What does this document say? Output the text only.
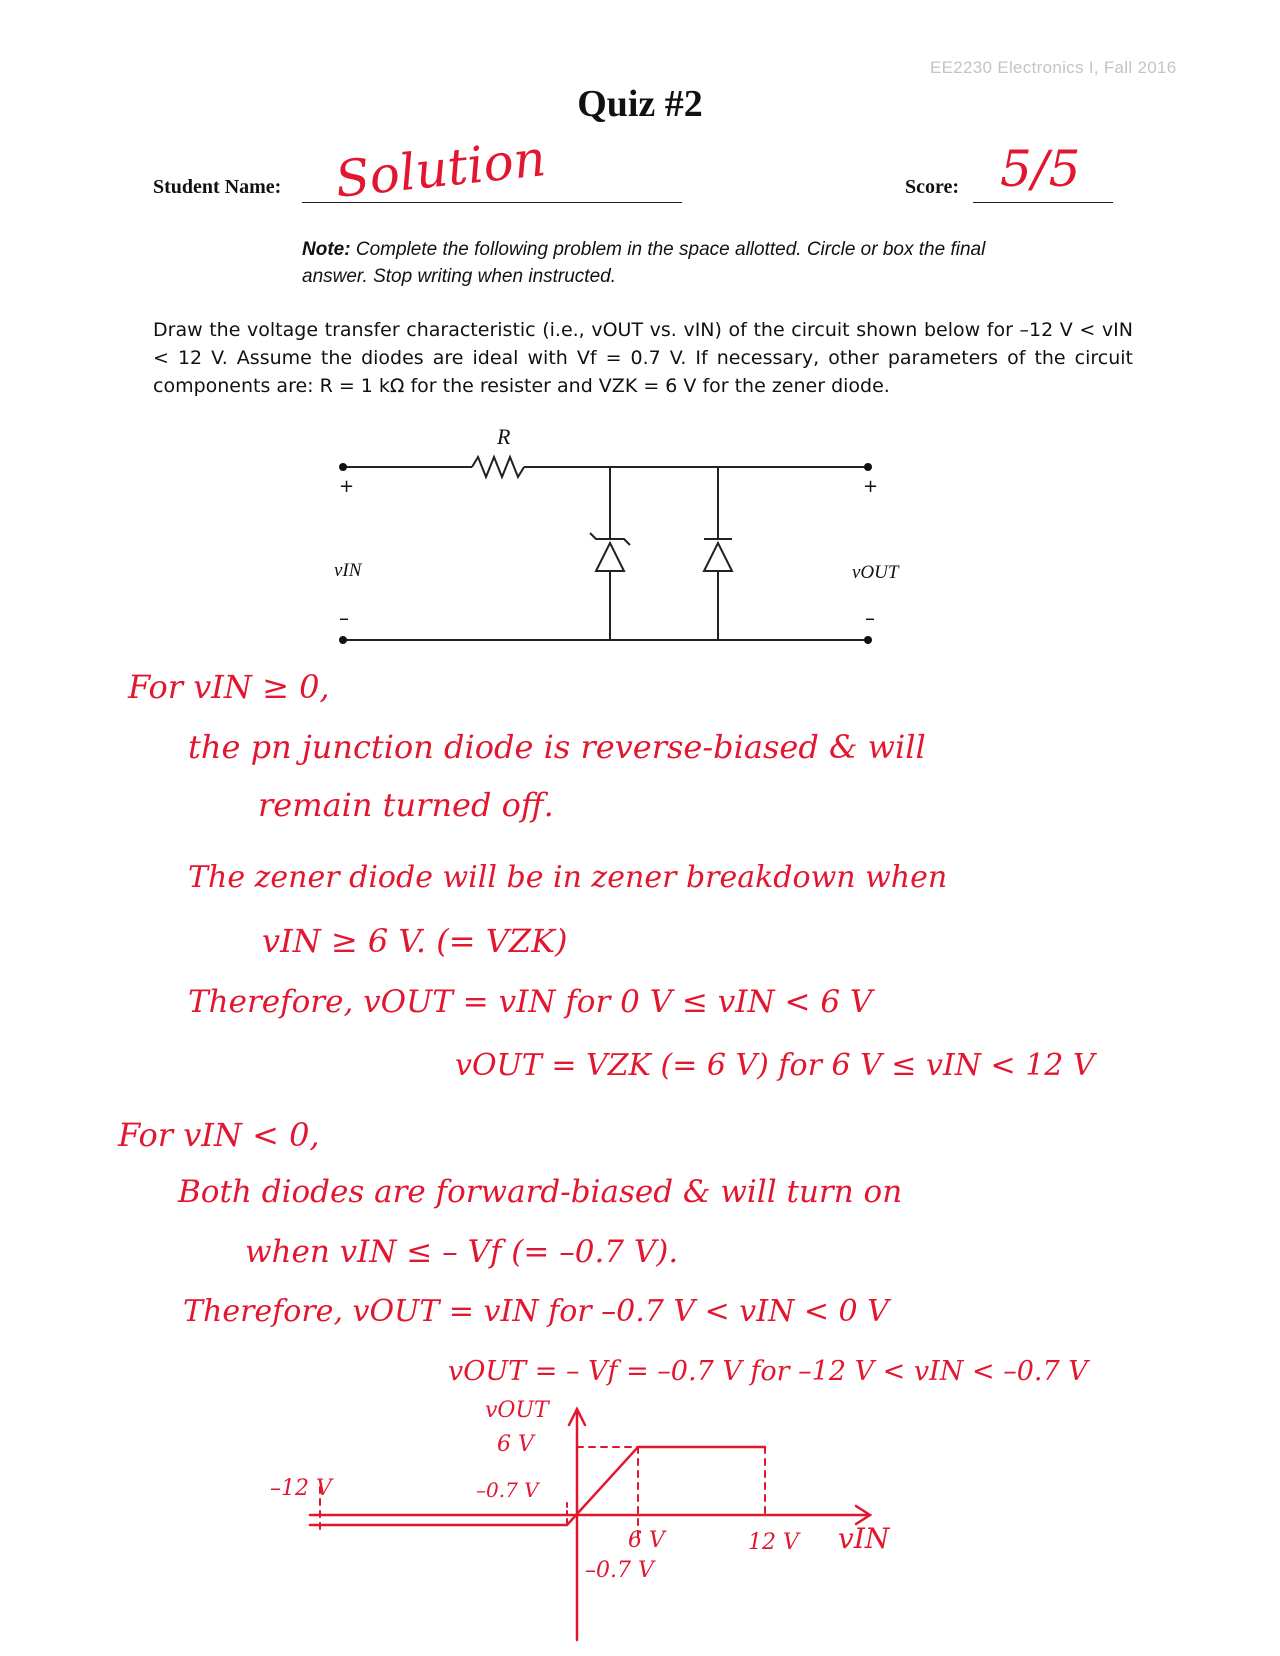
EE2230 Electronics I, Fall 2016
Quiz #2
Student Name: Solution	Score: 5/5
Note: Complete the following problem in the space allotted. Circle or box the final answer. Stop writing when instructed.
Draw the voltage transfer characteristic (i.e., vOUT vs. vIN) of the circuit shown below for –12 V < vIN < 12 V. Assume the diodes are ideal with Vf = 0.7 V. If necessary, other parameters of the circuit components are: R = 1 kΩ for the resister and VZK = 6 V for the zener diode.
R
+
vIN
–
+
vOUT
–
For vIN ≥ 0,
the pn junction diode is reverse-biased & will
remain turned off.
The zener diode will be in zener breakdown when
vIN ≥ 6 V. (= VZK)
Therefore, vOUT = vIN for 0 V ≤ vIN < 6 V
vOUT = VZK (= 6 V) for 6 V ≤ vIN < 12 V
For vIN < 0,
Both diodes are forward-biased & will turn on
when vIN ≤ – Vf (= –0.7 V).
Therefore, vOUT = vIN for –0.7 V < vIN < 0 V
vOUT = – Vf = –0.7 V for –12 V < vIN < –0.7 V
vOUT
6 V
–12 V	–0.7 V
6 V	12 V vIN
–0.7 V
